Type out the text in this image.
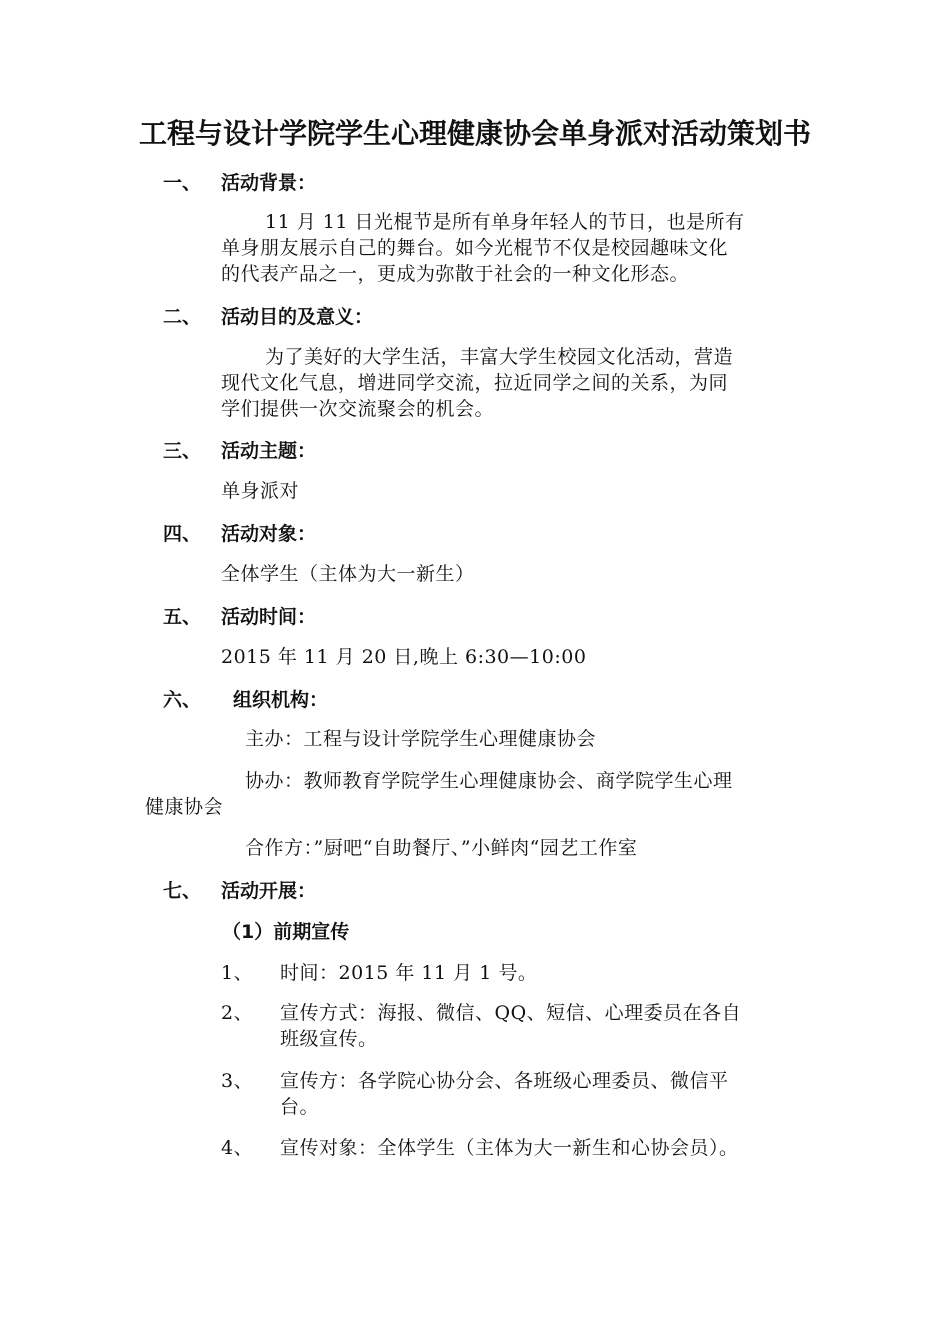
工程与设计学院学生心理健康协会单身派对活动策划书
一、 活动背景：
11 月 11 日光棍节是所有单身年轻人的节日，也是所有
单身朋友展示自己的舞台。如今光棍节不仅是校园趣味文化
的代表产品之一，更成为弥散于社会的一种文化形态。
二、 活动目的及意义：
为了美好的大学生活，丰富大学生校园文化活动，营造
现代文化气息，增进同学交流，拉近同学之间的关系，为同
学们提供一次交流聚会的机会。
三、 活动主题：
单身派对
四、 活动对象：
全体学生（主体为大一新生）
五、 活动时间：
2015 年 11 月 20 日,晚上 6:30—10:00
六、 组织机构：
主办：工程与设计学院学生心理健康协会
协办：教师教育学院学生心理健康协会、商学院学生心理
健康协会
合作方：”厨吧“自助餐厅、”小鲜肉“园艺工作室
七、 活动开展：
（1）前期宣传
1、 时间：2015 年 11 月 1 号。
2、 宣传方式：海报、微信、QQ、短信、心理委员在各自
班级宣传。
3、 宣传方：各学院心协分会、各班级心理委员、微信平
台。
4、 宣传对象：全体学生（主体为大一新生和心协会员）。
